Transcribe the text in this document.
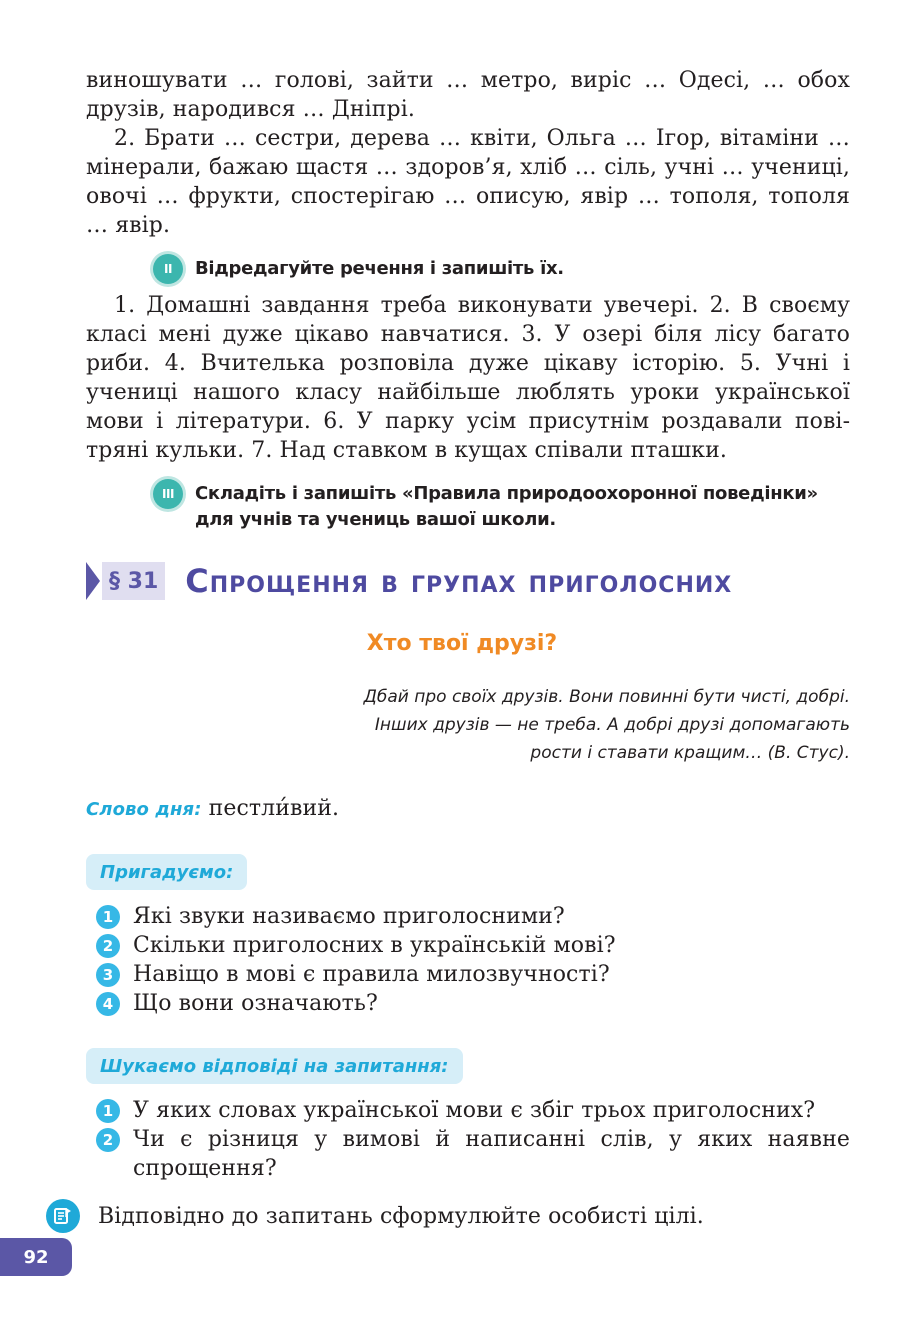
виношувати … голові, зайти … метро, виріс … Одесі, … обох друзів, народився … Дніпрі.

2. Брати … сестри, дерева … квіти, Ольга … Ігор, вітаміни … мінерали, бажаю щастя … здоров’я, хліб … сіль, учні … учениці, овочі … фрукти, спостерігаю … описую, явір … тополя, тополя … явір.

II	Відредагуйте речення і запишіть їх.
1. Домашні завдання треба виконувати увечері. 2. В своєму класі мені дуже цікаво навчатися. 3. У озері біля лісу багато риби. 4. Вчителька розповіла дуже цікаву історію. 5. Учні і учениці нашого класу найбільше люблять уроки української мови і літератури. 6. У парку усім присутнім роздавали повітряні кульки. 7. Над ставком в кущах співали пташки.
III	Складіть і запишіть «Правила природоохоронної поведінки»
для учнів та учениць вашої школи.
§ 31 Спрощення в групах приголосних
Хто твої друзі?
Дбай про своїх друзів. Вони повинні бути чисті, добрі.
Інших друзів — не треба. А добрі друзі допомагають
рости і ставати кращим… (В. Стус).
Слово дня: пестли́вий.
Пригадуємо:
1 Які звуки називаємо приголосними?
2 Скільки приголосних в українській мові?
3 Навіщо в мові є правила милозвучності?
4 Що вони означають?
Шукаємо відповіді на запитання:
1 У яких словах української мови є збіг трьох приголосних?
2 Чи є різниця у вимові й написанні слів, у яких наявне спрощення?
Відповідно до запитань сформулюйте особисті цілі.
92
